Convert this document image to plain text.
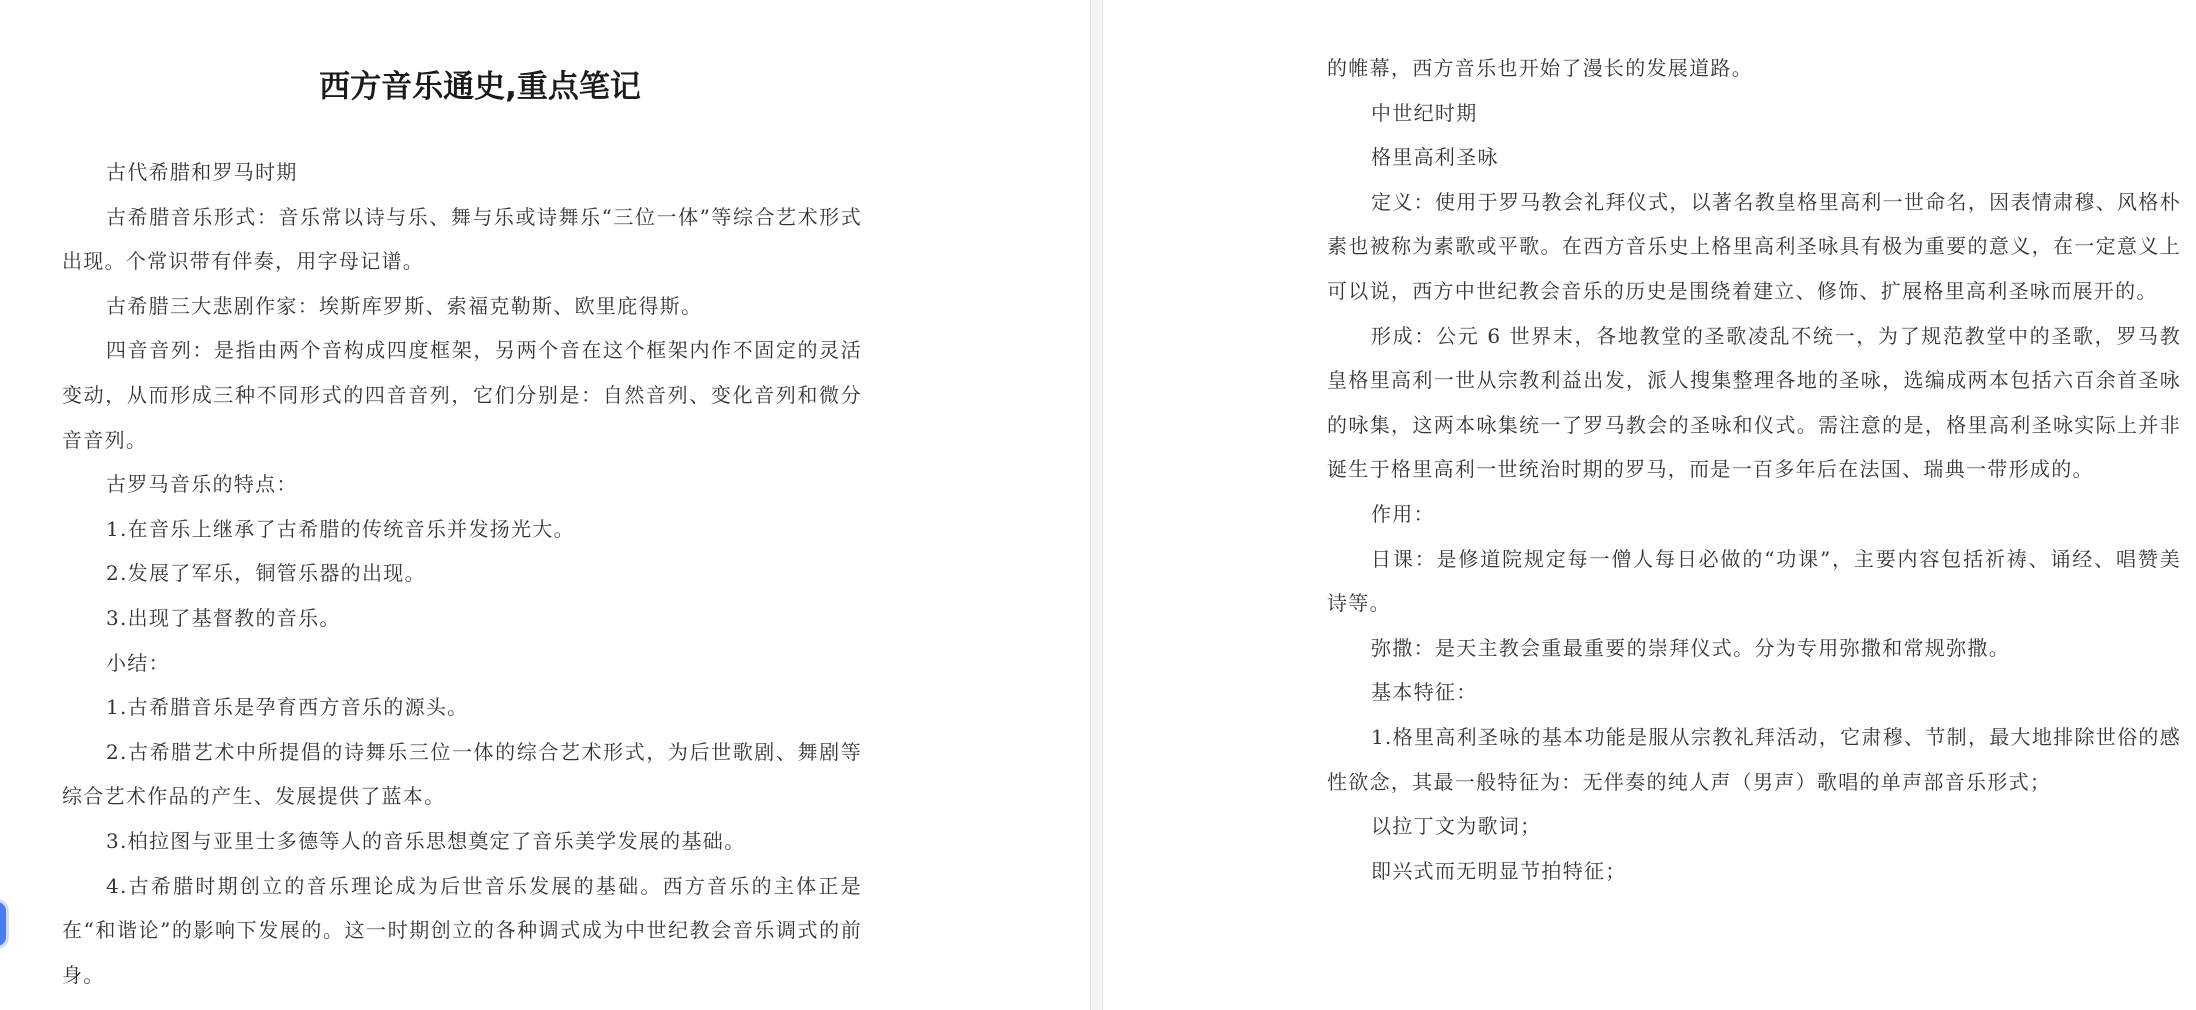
西方音乐通史,重点笔记

古代希腊和罗马时期

古希腊音乐形式：音乐常以诗与乐、舞与乐或诗舞乐“三位一体”等综合艺术形式出现。个常识带有伴奏，用字母记谱。

古希腊三大悲剧作家：埃斯库罗斯、索福克勒斯、欧里庇得斯。

四音音列：是指由两个音构成四度框架，另两个音在这个框架内作不固定的灵活变动，从而形成三种不同形式的四音音列，它们分别是：自然音列、变化音列和微分音音列。

古罗马音乐的特点：

1.在音乐上继承了古希腊的传统音乐并发扬光大。

2.发展了军乐，铜管乐器的出现。

3.出现了基督教的音乐。

小结：

1.古希腊音乐是孕育西方音乐的源头。

2.古希腊艺术中所提倡的诗舞乐三位一体的综合艺术形式，为后世歌剧、舞剧等综合艺术作品的产生、发展提供了蓝本。

3.柏拉图与亚里士多德等人的音乐思想奠定了音乐美学发展的基础。

4.古希腊时期创立的音乐理论成为后世音乐发展的基础。西方音乐的主体正是在“和谐论”的影响下发展的。这一时期创立的各种调式成为中世纪教会音乐调式的前身。

的帷幕，西方音乐也开始了漫长的发展道路。

中世纪时期

格里高利圣咏

定义：使用于罗马教会礼拜仪式，以著名教皇格里高利一世命名，因表情肃穆、风格朴素也被称为素歌或平歌。在西方音乐史上格里高利圣咏具有极为重要的意义，在一定意义上可以说，西方中世纪教会音乐的历史是围绕着建立、修饰、扩展格里高利圣咏而展开的。

形成：公元 6 世界末，各地教堂的圣歌凌乱不统一，为了规范教堂中的圣歌，罗马教皇格里高利一世从宗教利益出发，派人搜集整理各地的圣咏，选编成两本包括六百余首圣咏的咏集，这两本咏集统一了罗马教会的圣咏和仪式。需注意的是，格里高利圣咏实际上并非诞生于格里高利一世统治时期的罗马，而是一百多年后在法国、瑞典一带形成的。

作用：

日课：是修道院规定每一僧人每日必做的“功课”，主要内容包括祈祷、诵经、唱赞美诗等。

弥撒：是天主教会重最重要的崇拜仪式。分为专用弥撒和常规弥撒。

基本特征：

1.格里高利圣咏的基本功能是服从宗教礼拜活动，它肃穆、节制，最大地排除世俗的感性欲念，其最一般特征为：无伴奏的纯人声（男声）歌唱的单声部音乐形式；

以拉丁文为歌词；

即兴式而无明显节拍特征；
